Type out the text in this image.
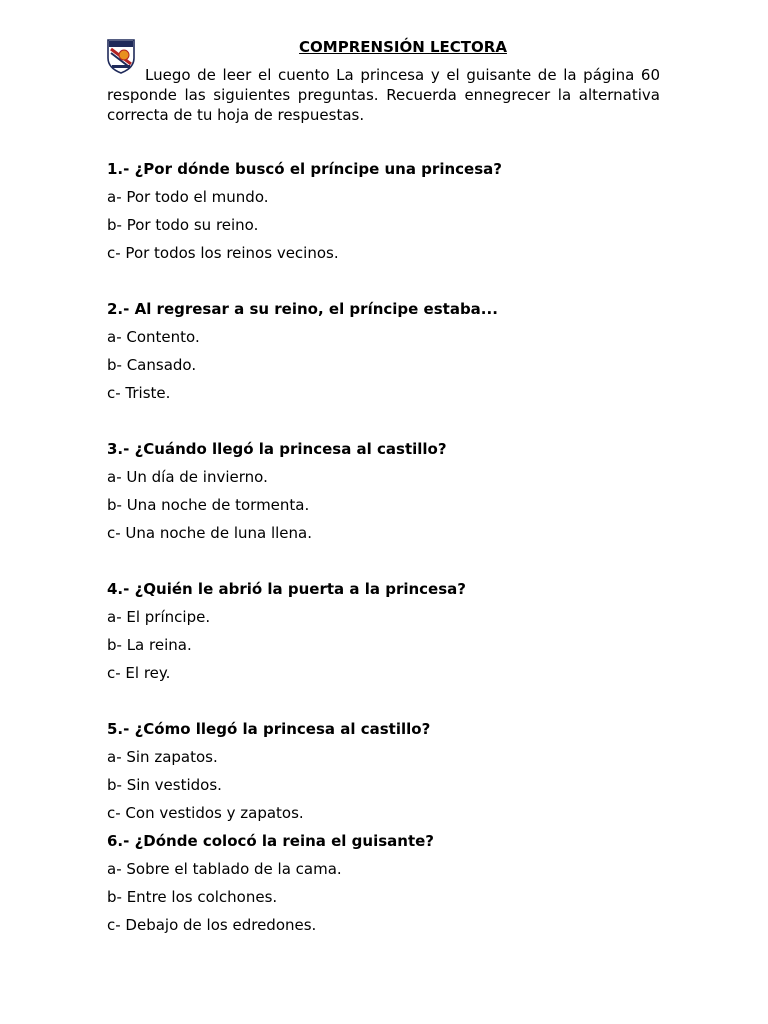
COMPRENSIÓN LECTORA

Luego de leer el cuento La princesa y el guisante de la página 60 responde las siguientes preguntas. Recuerda ennegrecer la alternativa correcta de tu hoja de respuestas.

1.- ¿Por dónde buscó el príncipe una princesa?
a- Por todo el mundo.
b- Por todo su reino.
c- Por todos los reinos vecinos.
2.- Al regresar a su reino, el príncipe estaba...
a- Contento.
b- Cansado.
c- Triste.
3.- ¿Cuándo llegó la princesa al castillo?
a- Un día de invierno.
b- Una noche de tormenta.
c- Una noche de luna llena.
4.- ¿Quién le abrió la puerta a la princesa?
a- El príncipe.
b- La reina.
c- El rey.
5.- ¿Cómo llegó la princesa al castillo?
a- Sin zapatos.
b- Sin vestidos.
c- Con vestidos y zapatos.
6.- ¿Dónde colocó la reina el guisante?
a- Sobre el tablado de la cama.
b- Entre los colchones.
c- Debajo de los edredones.
